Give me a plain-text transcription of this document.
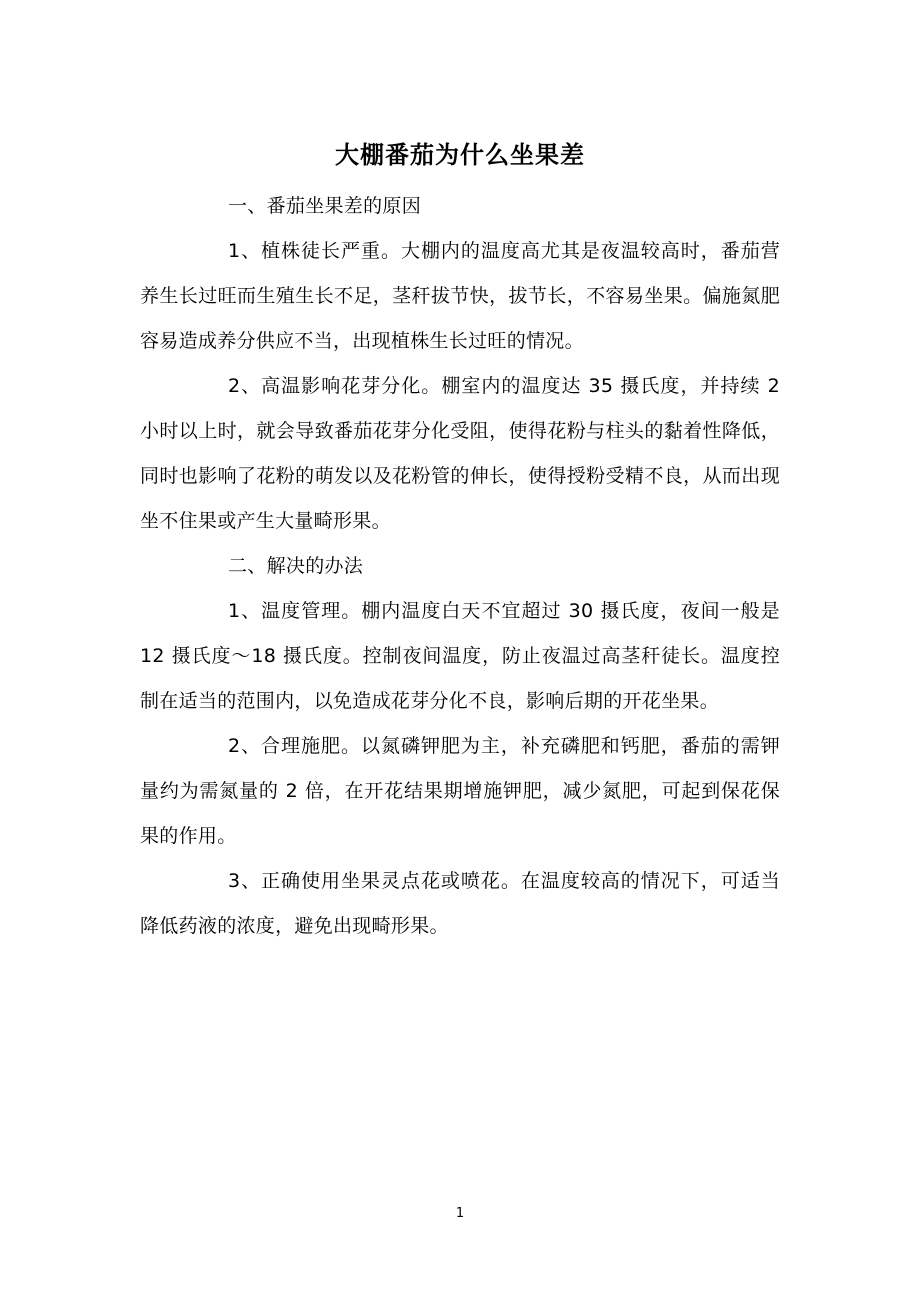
大棚番茄为什么坐果差

一、番茄坐果差的原因

1、植株徒长严重。大棚内的温度高尤其是夜温较高时，番茄营养生长过旺而生殖生长不足，茎秆拔节快，拔节长，不容易坐果。偏施氮肥容易造成养分供应不当，出现植株生长过旺的情况。

2、高温影响花芽分化。棚室内的温度达 35 摄氏度，并持续 2 小时以上时，就会导致番茄花芽分化受阻，使得花粉与柱头的黏着性降低，同时也影响了花粉的萌发以及花粉管的伸长，使得授粉受精不良，从而出现坐不住果或产生大量畸形果。

二、解决的办法

1、温度管理。棚内温度白天不宜超过 30 摄氏度，夜间一般是 12 摄氏度～18 摄氏度。控制夜间温度，防止夜温过高茎秆徒长。温度控制在适当的范围内，以免造成花芽分化不良，影响后期的开花坐果。

2、合理施肥。以氮磷钾肥为主，补充磷肥和钙肥，番茄的需钾量约为需氮量的 2 倍，在开花结果期增施钾肥，减少氮肥，可起到保花保果的作用。

3、正确使用坐果灵点花或喷花。在温度较高的情况下，可适当降低药液的浓度，避免出现畸形果。

1
